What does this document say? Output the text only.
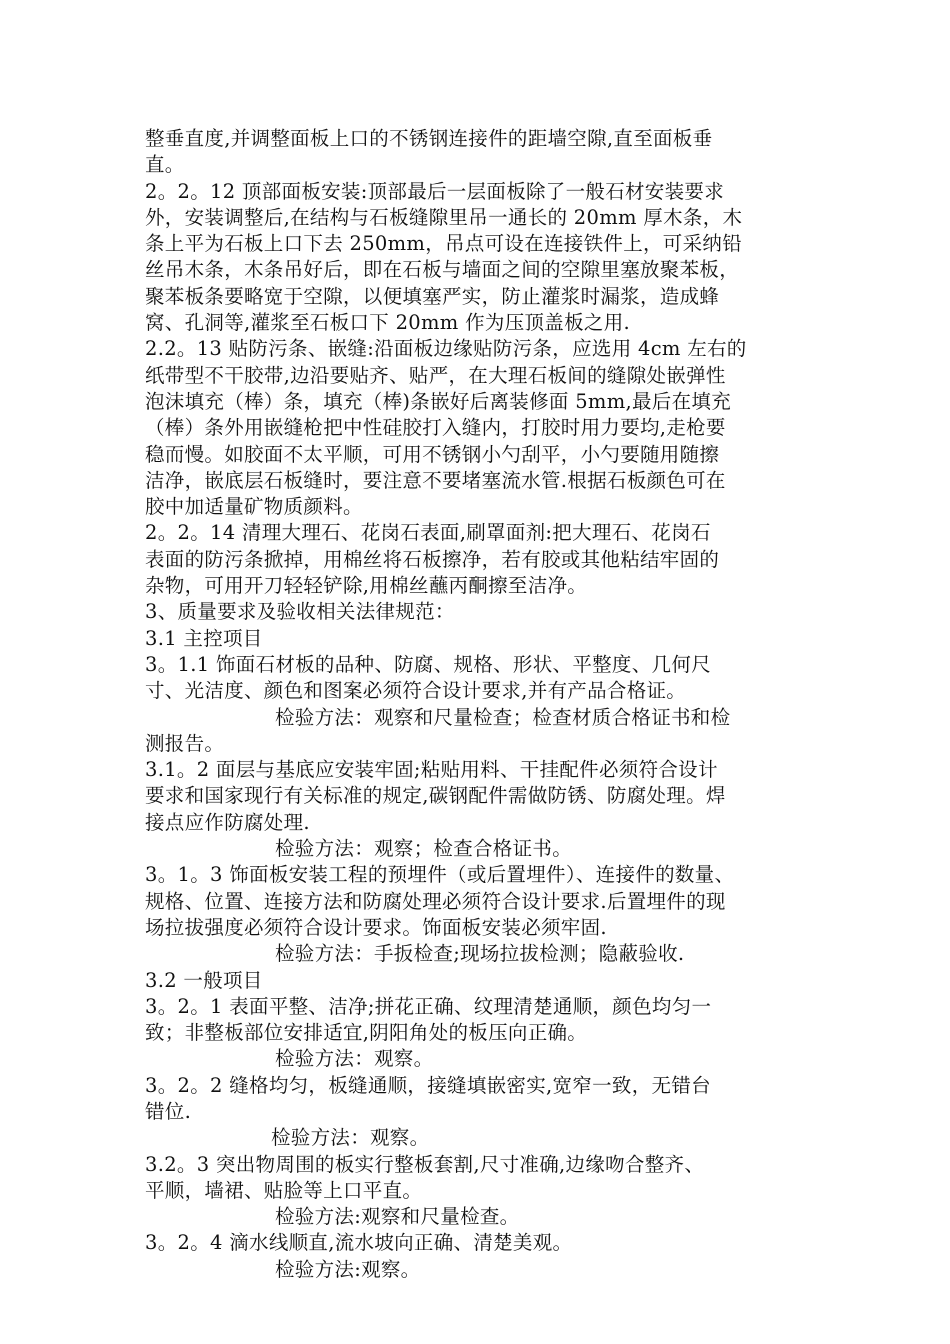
整垂直度,并调整面板上口的不锈钢连接件的距墙空隙,直至面板垂
直。
2。2。12 顶部面板安装:顶部最后一层面板除了一般石材安装要求
外，安装调整后,在结构与石板缝隙里吊一通长的 20mm 厚木条，木
条上平为石板上口下去 250mm，吊点可设在连接铁件上，可采纳铅
丝吊木条，木条吊好后，即在石板与墙面之间的空隙里塞放聚苯板，
聚苯板条要略宽于空隙，以便填塞严实，防止灌浆时漏浆，造成蜂
窝、孔洞等,灌浆至石板口下 20mm 作为压顶盖板之用.
2.2。13 贴防污条、嵌缝:沿面板边缘贴防污条，应选用 4cm 左右的
纸带型不干胶带,边沿要贴齐、贴严，在大理石板间的缝隙处嵌弹性
泡沫填充（棒）条，填充（棒)条嵌好后离装修面 5mm,最后在填充
（棒）条外用嵌缝枪把中性硅胶打入缝内，打胶时用力要均,走枪要
稳而慢。如胶面不太平顺，可用不锈钢小勺刮平，小勺要随用随擦
洁净，嵌底层石板缝时，要注意不要堵塞流水管.根据石板颜色可在
胶中加适量矿物质颜料。
2。2。14 清理大理石、花岗石表面,刷罩面剂:把大理石、花岗石
表面的防污条掀掉，用棉丝将石板擦净，若有胶或其他粘结牢固的
杂物，可用开刀轻轻铲除,用棉丝蘸丙酮擦至洁净。
3、质量要求及验收相关法律规范：
3.1 主控项目
3。1.1 饰面石材板的品种、防腐、规格、形状、平整度、几何尺
寸、光洁度、颜色和图案必须符合设计要求,并有产品合格证。
检验方法：观察和尺量检查；检查材质合格证书和检
测报告。
3.1。2 面层与基底应安装牢固;粘贴用料、干挂配件必须符合设计
要求和国家现行有关标准的规定,碳钢配件需做防锈、防腐处理。焊
接点应作防腐处理.
检验方法：观察；检查合格证书。
3。1。3 饰面板安装工程的预埋件（或后置埋件）、连接件的数量、
规格、位置、连接方法和防腐处理必须符合设计要求.后置埋件的现
场拉拔强度必须符合设计要求。饰面板安装必须牢固.
检验方法：手扳检查;现场拉拔检测；隐蔽验收.
3.2 一般项目
3。2。1 表面平整、洁净;拼花正确、纹理清楚通顺，颜色均匀一
致；非整板部位安排适宜,阴阳角处的板压向正确。
检验方法：观察。
3。2。2 缝格均匀，板缝通顺，接缝填嵌密实,宽窄一致，无错台
错位.
检验方法：观察。
3.2。3 突出物周围的板实行整板套割,尺寸准确,边缘吻合整齐、
平顺，墙裙、贴脸等上口平直。
检验方法:观察和尺量检查。
3。2。4 滴水线顺直,流水坡向正确、清楚美观。
检验方法:观察。
